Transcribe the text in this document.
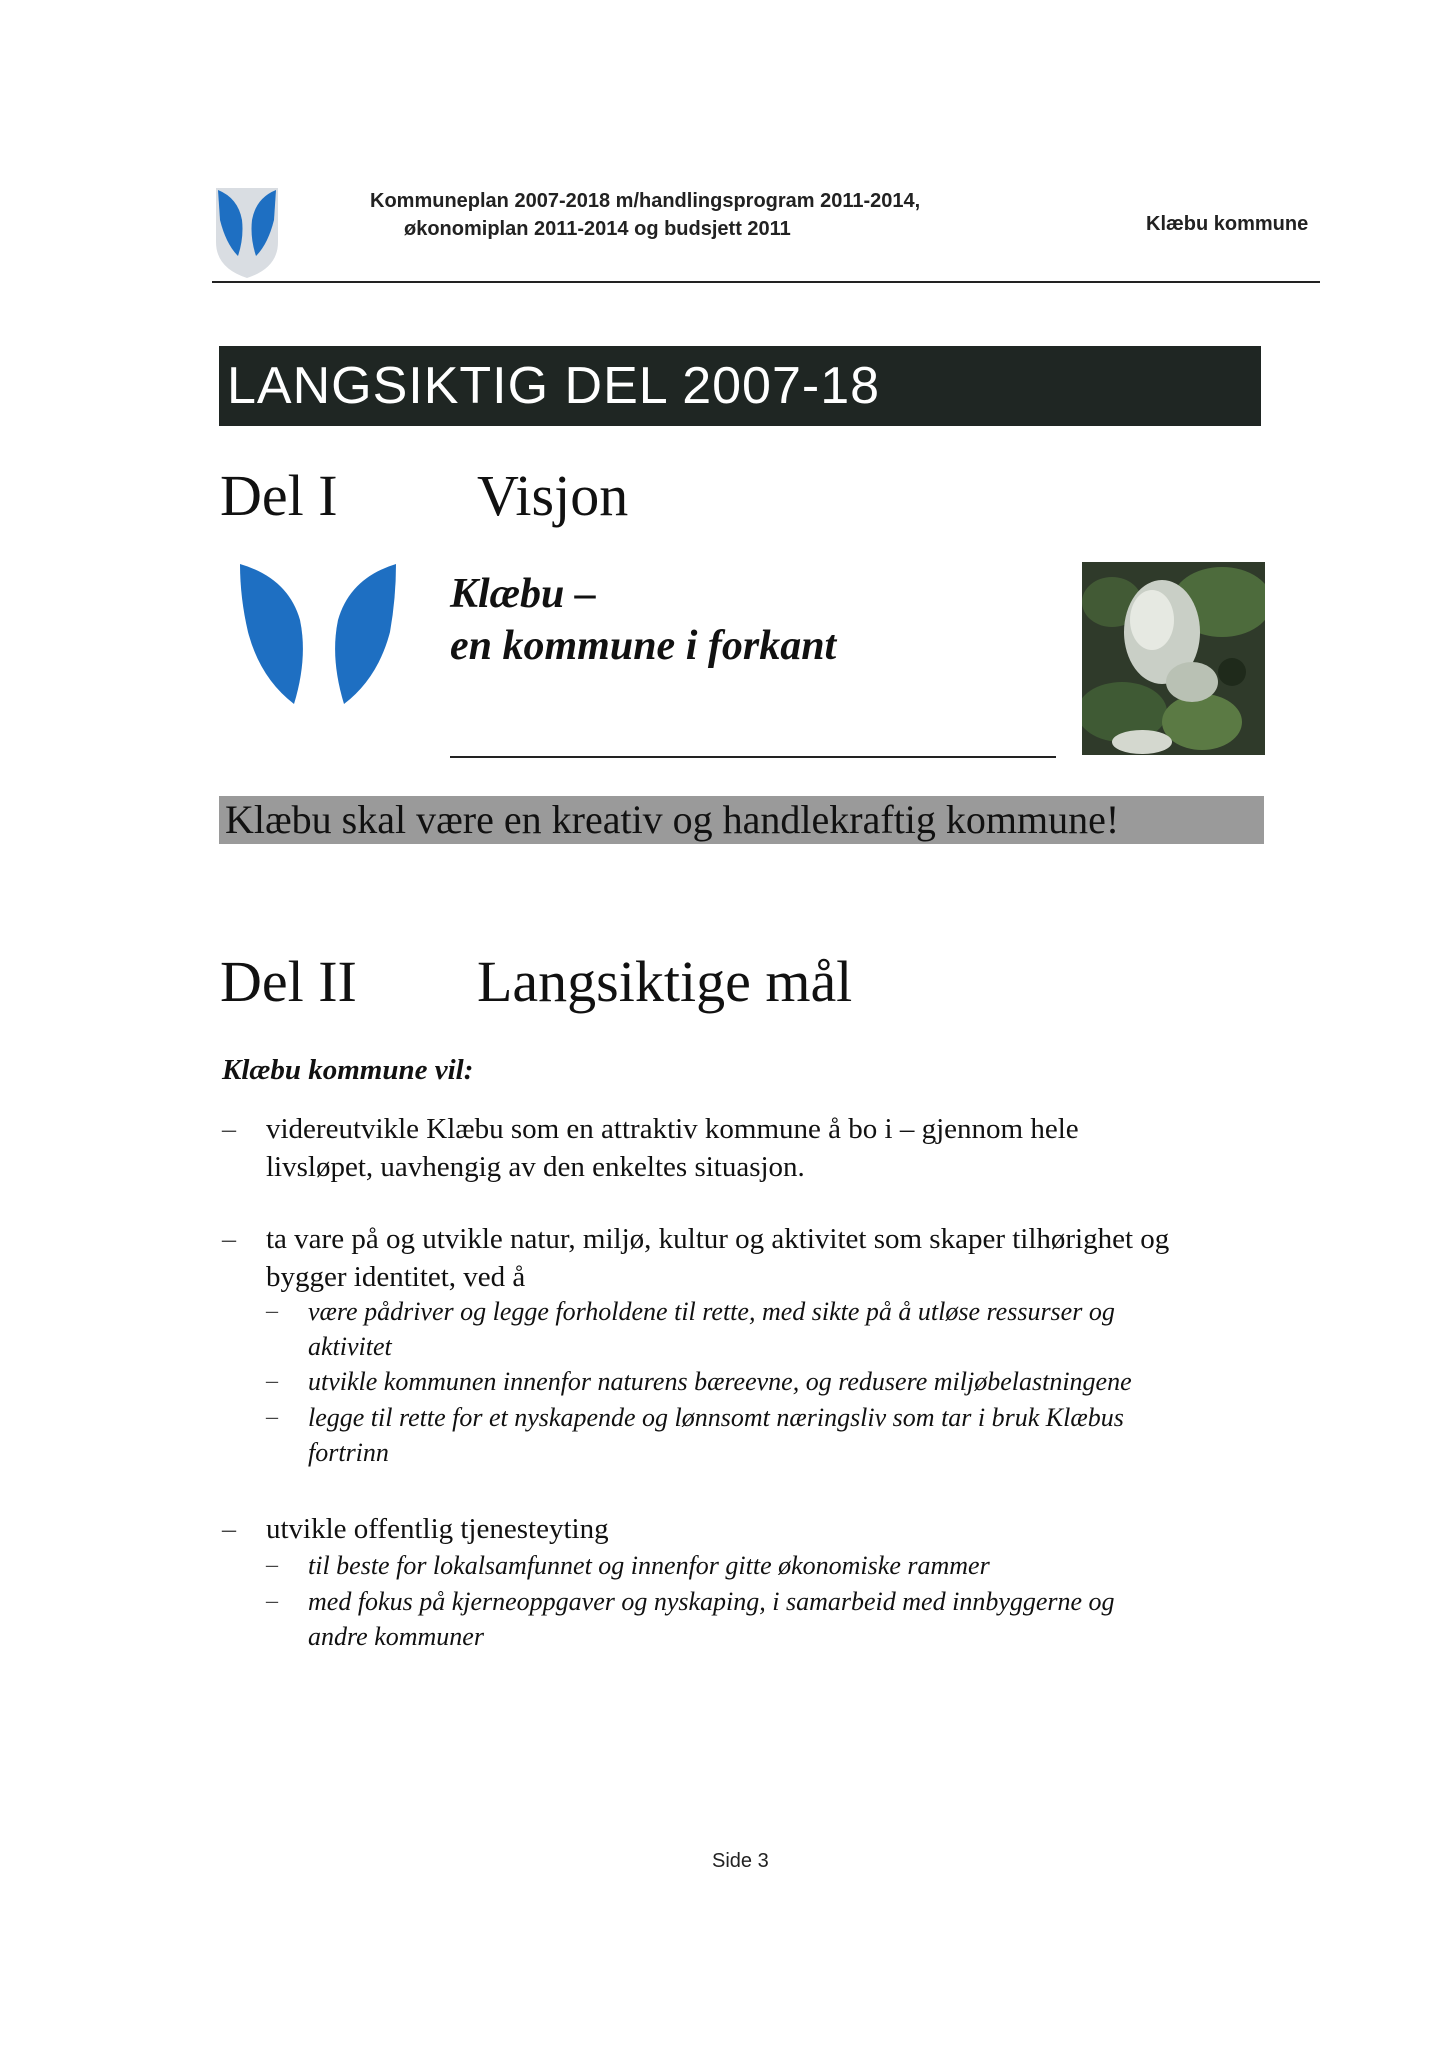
Kommuneplan 2007-2018 m/handlingsprogram 2011-2014,
økonomiplan 2011-2014 og budsjett 2011	Klæbu kommune
LANGSIKTIG DEL 2007-18
Del I Visjon
Klæbu –
en kommune i forkant
Klæbu skal være en kreativ og handlekraftig kommune!
Del II Langsiktige mål
Klæbu kommune vil:
– videreutvikle Klæbu som en attraktiv kommune å bo i – gjennom hele
livsløpet, uavhengig av den enkeltes situasjon.
– ta vare på og utvikle natur, miljø, kultur og aktivitet som skaper tilhørighet og
bygger identitet, ved å
– være pådriver og legge forholdene til rette, med sikte på å utløse ressurser og
aktivitet
– utvikle kommunen innenfor naturens bæreevne, og redusere miljøbelastningene
– legge til rette for et nyskapende og lønnsomt næringsliv som tar i bruk Klæbus
fortrinn
– utvikle offentlig tjenesteyting
– til beste for lokalsamfunnet og innenfor gitte økonomiske rammer
– med fokus på kjerneoppgaver og nyskaping, i samarbeid med innbyggerne og
andre kommuner
Side 3
